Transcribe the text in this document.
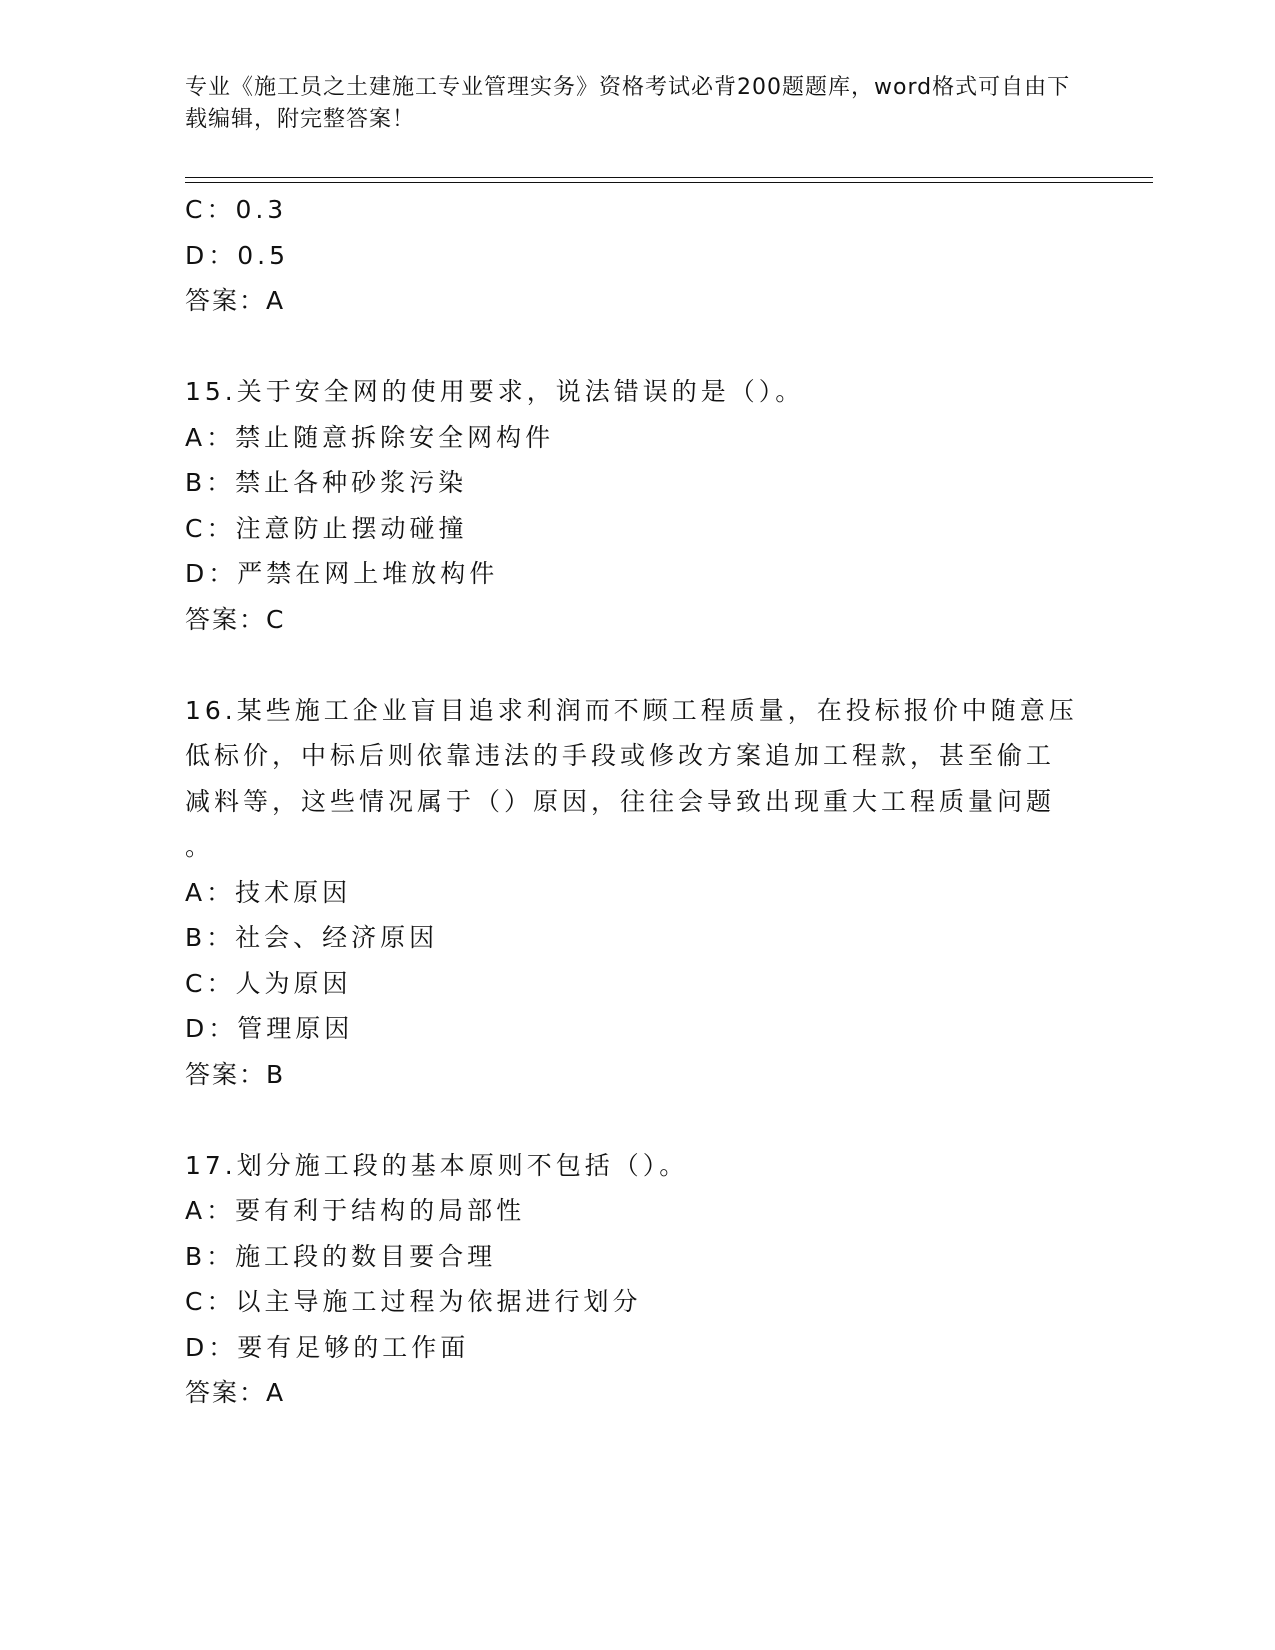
专业《施工员之土建施工专业管理实务》资格考试必背200题题库，word格式可自由下载编辑，附完整答案！
C：0.3
D：0.5
答案：A
15.关于安全网的使用要求，说法错误的是（）。
A：禁止随意拆除安全网构件
B：禁止各种砂浆污染
C：注意防止摆动碰撞
D：严禁在网上堆放构件
答案：C
16.某些施工企业盲目追求利润而不顾工程质量，在投标报价中随意压
低标价，中标后则依靠违法的手段或修改方案追加工程款，甚至偷工
减料等，这些情况属于（）原因，往往会导致出现重大工程质量问题
。
A：技术原因
B：社会、经济原因
C：人为原因
D：管理原因
答案：B
17.划分施工段的基本原则不包括（）。
A：要有利于结构的局部性
B：施工段的数目要合理
C：以主导施工过程为依据进行划分
D：要有足够的工作面
答案：A
